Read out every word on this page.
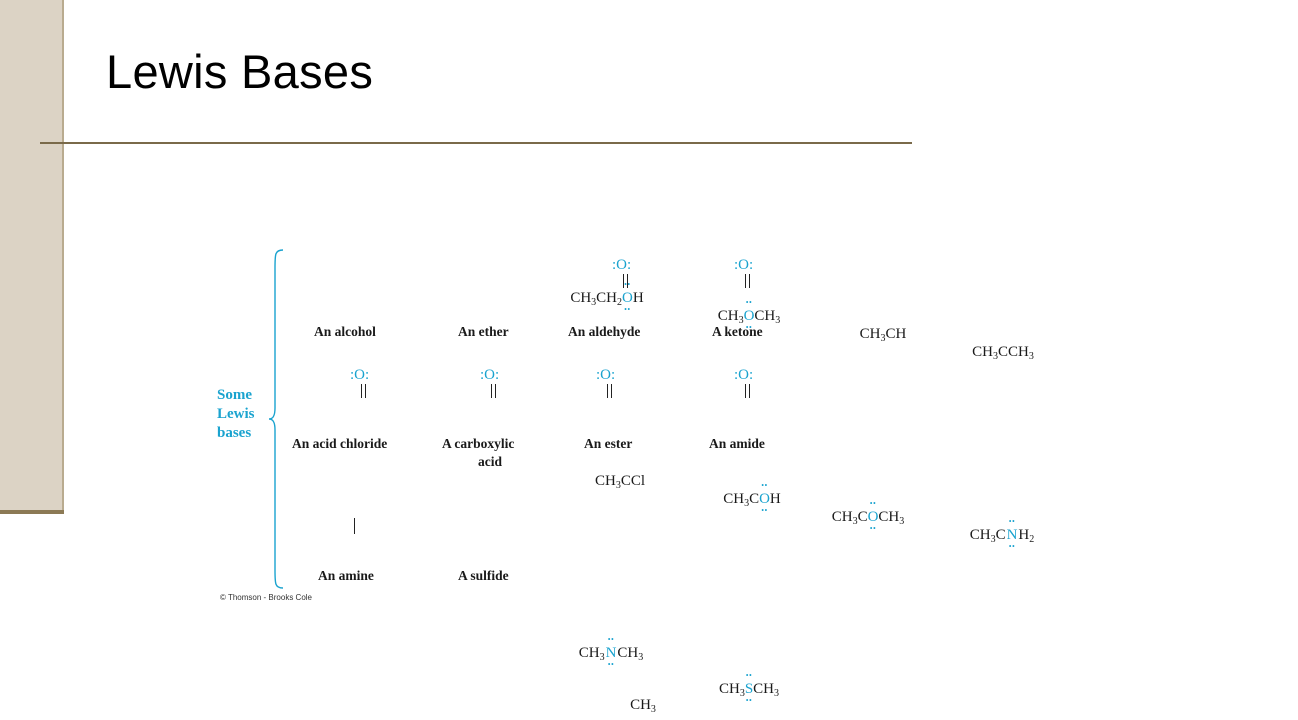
Lewis Bases
Some
Lewis
bases
$CH_3CH_2••$ O ••H
An alcohol
$CH_3••$ O $••CH_3$
An ether
:O:
$CH_3CH$
An aldehyde
:O:
$CH_3CCH_3$
A ketone
:O:
$CH_3CCl$
An acid chloride
:O:
$CH_3C••$ O ••H
A carboxylic
acid
:O:
$CH_3C••$ O $••CH_3$
An ester
:O:
$CH_3C••$ N $••H_2$
An amide
$CH_3••$ N $••CH_3$
$CH_3$
An amine
$CH_3••$ S $••CH_3$
A sulfide
© Thomson - Brooks Cole
